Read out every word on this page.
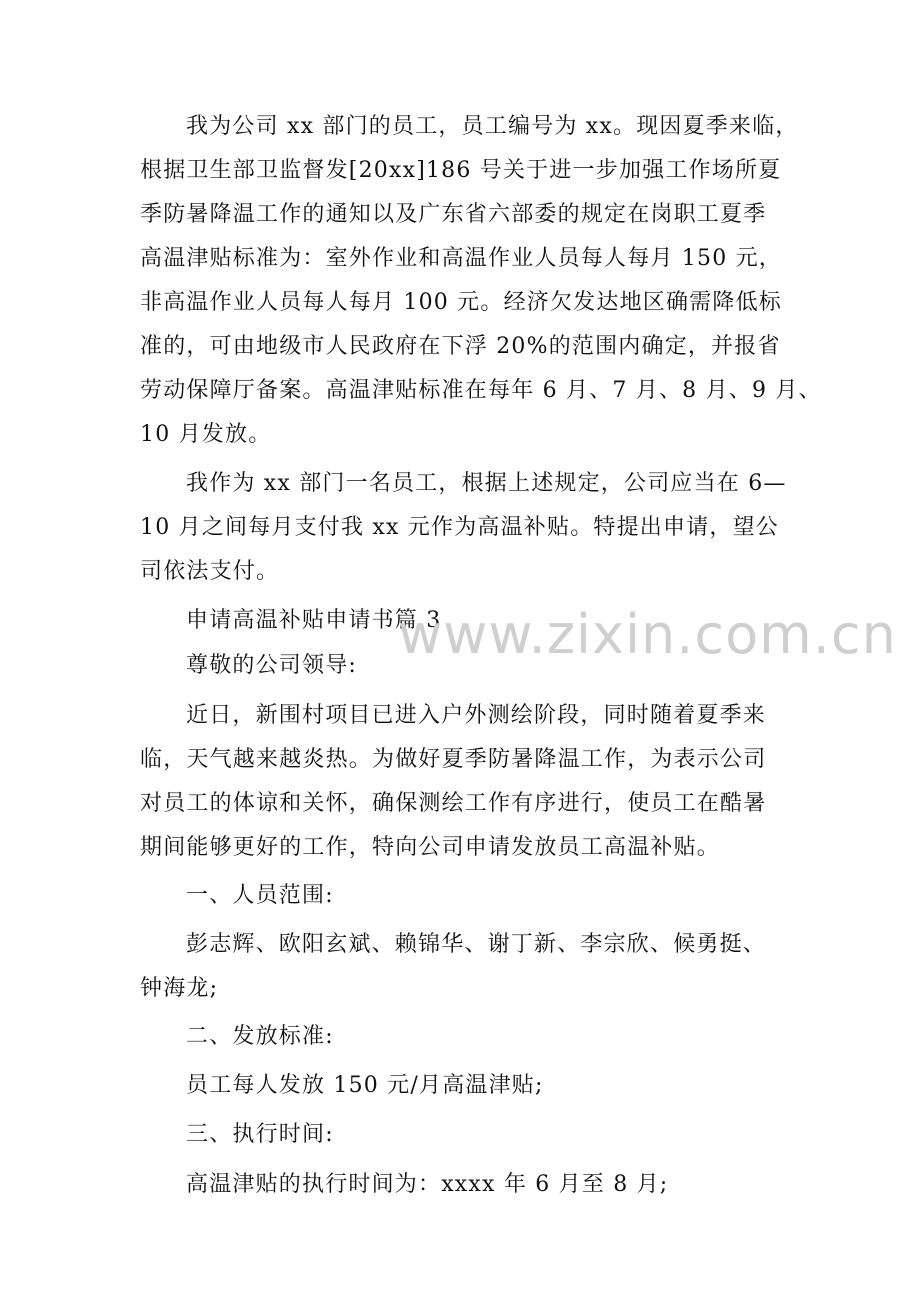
我为公司 xx 部门的员工，员工编号为 xx。现因夏季来临，
根据卫生部卫监督发[20xx]186 号关于进一步加强工作场所夏
季防暑降温工作的通知以及广东省六部委的规定在岗职工夏季
高温津贴标准为：室外作业和高温作业人员每人每月 150 元，
非高温作业人员每人每月 100 元。经济欠发达地区确需降低标
准的，可由地级市人民政府在下浮 20%的范围内确定，并报省
劳动保障厅备案。高温津贴标准在每年 6 月、7 月、8 月、9 月、
10 月发放。
我作为 xx 部门一名员工，根据上述规定，公司应当在 6—
10 月之间每月支付我 xx 元作为高温补贴。特提出申请，望公
司依法支付。
申请高温补贴申请书篇 3
尊敬的公司领导:
近日，新围村项目已进入户外测绘阶段，同时随着夏季来
临，天气越来越炎热。为做好夏季防暑降温工作，为表示公司
对员工的体谅和关怀，确保测绘工作有序进行，使员工在酷暑
期间能够更好的工作，特向公司申请发放员工高温补贴。
一、人员范围:
彭志辉、欧阳玄斌、赖锦华、谢丁新、李宗欣、候勇挺、
钟海龙;
二、发放标准:
员工每人发放 150 元/月高温津贴;
三、执行时间:
高温津贴的执行时间为：xxxx 年 6 月至 8 月;
www.zixin.com.cn
